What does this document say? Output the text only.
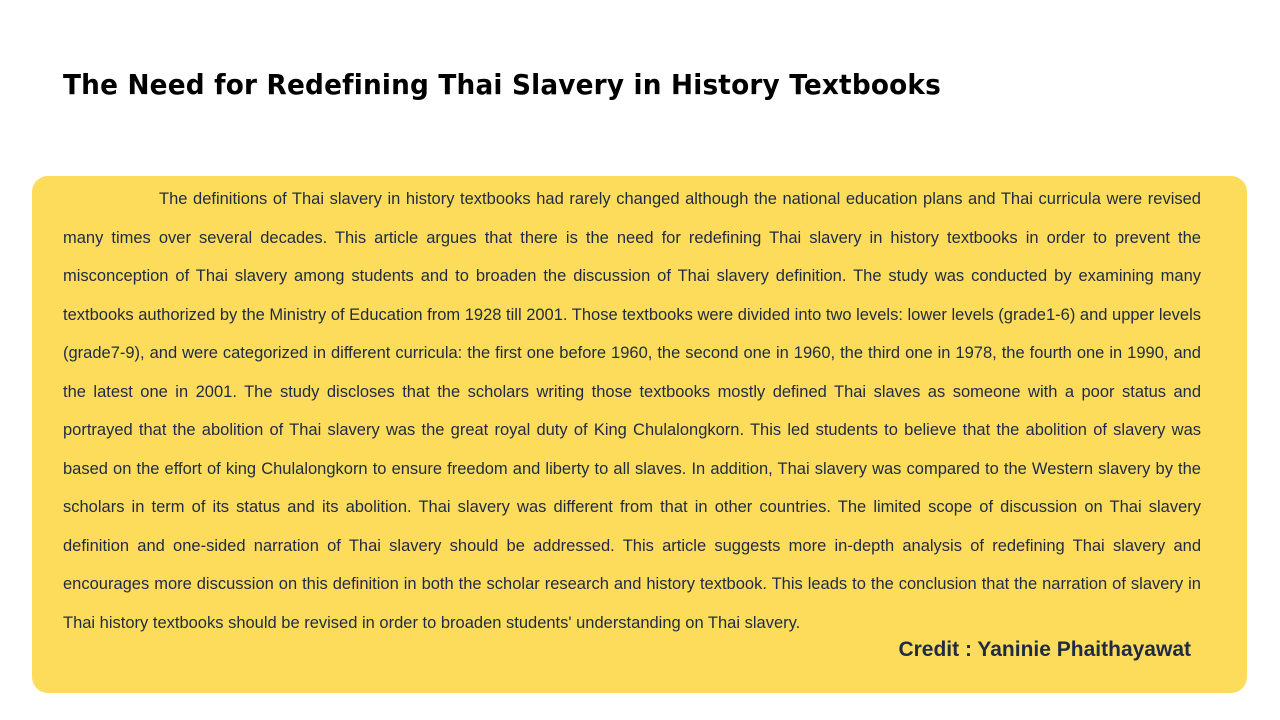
The Need for Redefining Thai Slavery in History Textbooks

The definitions of Thai slavery in history textbooks had rarely changed although the national education plans and Thai curricula were revised many times over several decades. This article argues that there is the need for redefining Thai slavery in history textbooks in order to prevent the misconception of Thai slavery among students and to broaden the discussion of Thai slavery definition. The study was conducted by examining many textbooks authorized by the Ministry of Education from 1928 till 2001. Those textbooks were divided into two levels: lower levels (grade1-6) and upper levels (grade7-9), and were categorized in different curricula: the first one before 1960, the second one in 1960, the third one in 1978, the fourth one in 1990, and the latest one in 2001. The study discloses that the scholars writing those textbooks mostly defined Thai slaves as someone with a poor status and portrayed that the abolition of Thai slavery was the great royal duty of King Chulalongkorn. This led students to believe that the abolition of slavery was based on the effort of king Chulalongkorn to ensure freedom and liberty to all slaves. In addition, Thai slavery was compared to the Western slavery by the scholars in term of its status and its abolition. Thai slavery was different from that in other countries. The limited scope of discussion on Thai slavery definition and one-sided narration of Thai slavery should be addressed. This article suggests more in-depth analysis of redefining Thai slavery and encourages more discussion on this definition in both the scholar research and history textbook. This leads to the conclusion that the narration of slavery in Thai history textbooks should be revised in order to broaden students' understanding on Thai slavery.

Credit : Yaninie Phaithayawat
